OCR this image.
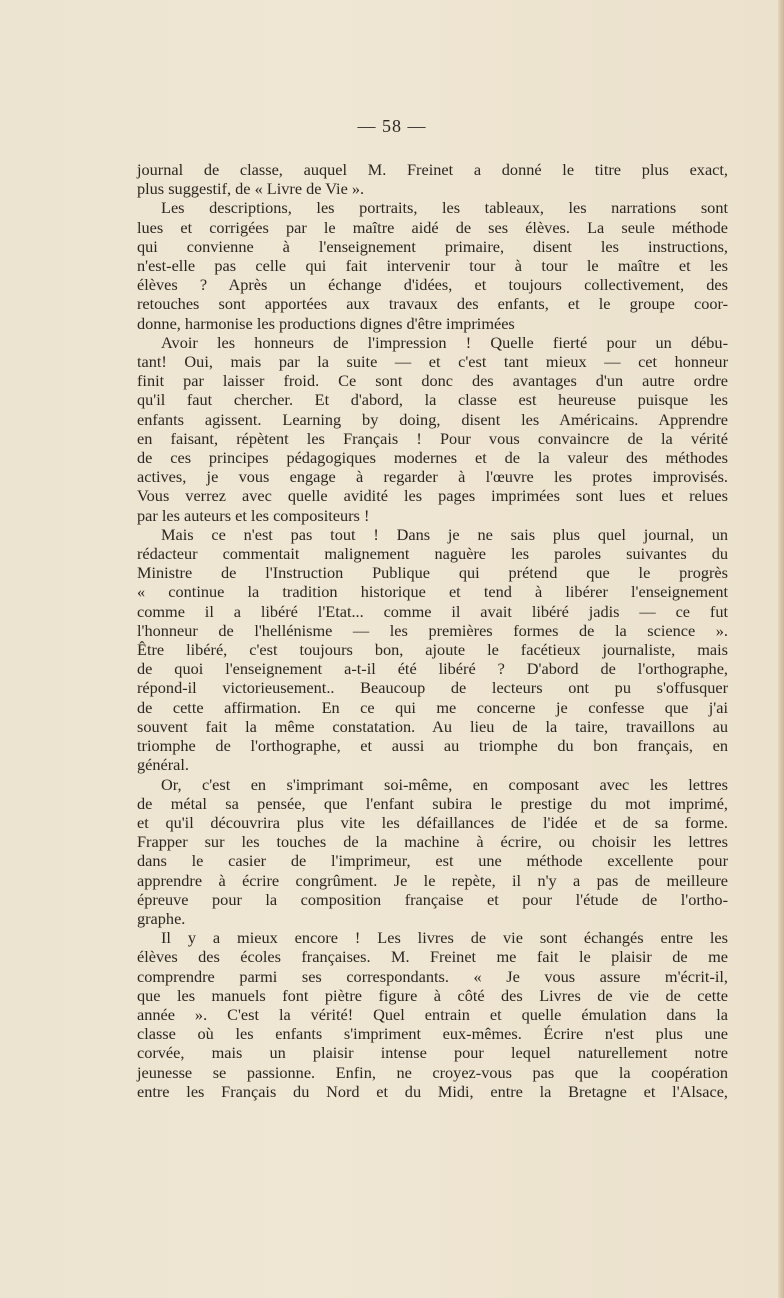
— 58 —
journal de classe, auquel M. Freinet a donné le titre plus exact,
plus suggestif, de « Livre de Vie ».
Les descriptions, les portraits, les tableaux, les narrations sont
lues et corrigées par le maître aidé de ses élèves. La seule méthode
qui convienne à l'enseignement primaire, disent les instructions,
n'est-elle pas celle qui fait intervenir tour à tour le maître et les
élèves ? Après un échange d'idées, et toujours collectivement, des
retouches sont apportées aux travaux des enfants, et le groupe coor-
donne, harmonise les productions dignes d'être imprimées
Avoir les honneurs de l'impression ! Quelle fierté pour un débu-
tant! Oui, mais par la suite — et c'est tant mieux — cet honneur
finit par laisser froid. Ce sont donc des avantages d'un autre ordre
qu'il faut chercher. Et d'abord, la classe est heureuse puisque les
enfants agissent. Learning by doing, disent les Américains. Apprendre
en faisant, répètent les Français ! Pour vous convaincre de la vérité
de ces principes pédagogiques modernes et de la valeur des méthodes
actives, je vous engage à regarder à l'œuvre les protes improvisés.
Vous verrez avec quelle avidité les pages imprimées sont lues et relues
par les auteurs et les compositeurs !
Mais ce n'est pas tout ! Dans je ne sais plus quel journal, un
rédacteur commentait malignement naguère les paroles suivantes du
Ministre de l'Instruction Publique qui prétend que le progrès
« continue la tradition historique et tend à libérer l'enseignement
comme il a libéré l'Etat... comme il avait libéré jadis — ce fut
l'honneur de l'hellénisme — les premières formes de la science ».
Être libéré, c'est toujours bon, ajoute le facétieux journaliste, mais
de quoi l'enseignement a-t-il été libéré ? D'abord de l'orthographe,
répond-il victorieusement.. Beaucoup de lecteurs ont pu s'offusquer
de cette affirmation. En ce qui me concerne je confesse que j'ai
souvent fait la même constatation. Au lieu de la taire, travaillons au
triomphe de l'orthographe, et aussi au triomphe du bon français, en
général.
Or, c'est en s'imprimant soi-même, en composant avec les lettres
de métal sa pensée, que l'enfant subira le prestige du mot imprimé,
et qu'il découvrira plus vite les défaillances de l'idée et de sa forme.
Frapper sur les touches de la machine à écrire, ou choisir les lettres
dans le casier de l'imprimeur, est une méthode excellente pour
apprendre à écrire congrûment. Je le repète, il n'y a pas de meilleure
épreuve pour la composition française et pour l'étude de l'ortho-
graphe.
Il y a mieux encore ! Les livres de vie sont échangés entre les
élèves des écoles françaises. M. Freinet me fait le plaisir de me
comprendre parmi ses correspondants. « Je vous assure m'écrit-il,
que les manuels font piètre figure à côté des Livres de vie de cette
année ». C'est la vérité! Quel entrain et quelle émulation dans la
classe où les enfants s'impriment eux-mêmes. Écrire n'est plus une
corvée, mais un plaisir intense pour lequel naturellement notre
jeunesse se passionne. Enfin, ne croyez-vous pas que la coopération
entre les Français du Nord et du Midi, entre la Bretagne et l'Alsace,
